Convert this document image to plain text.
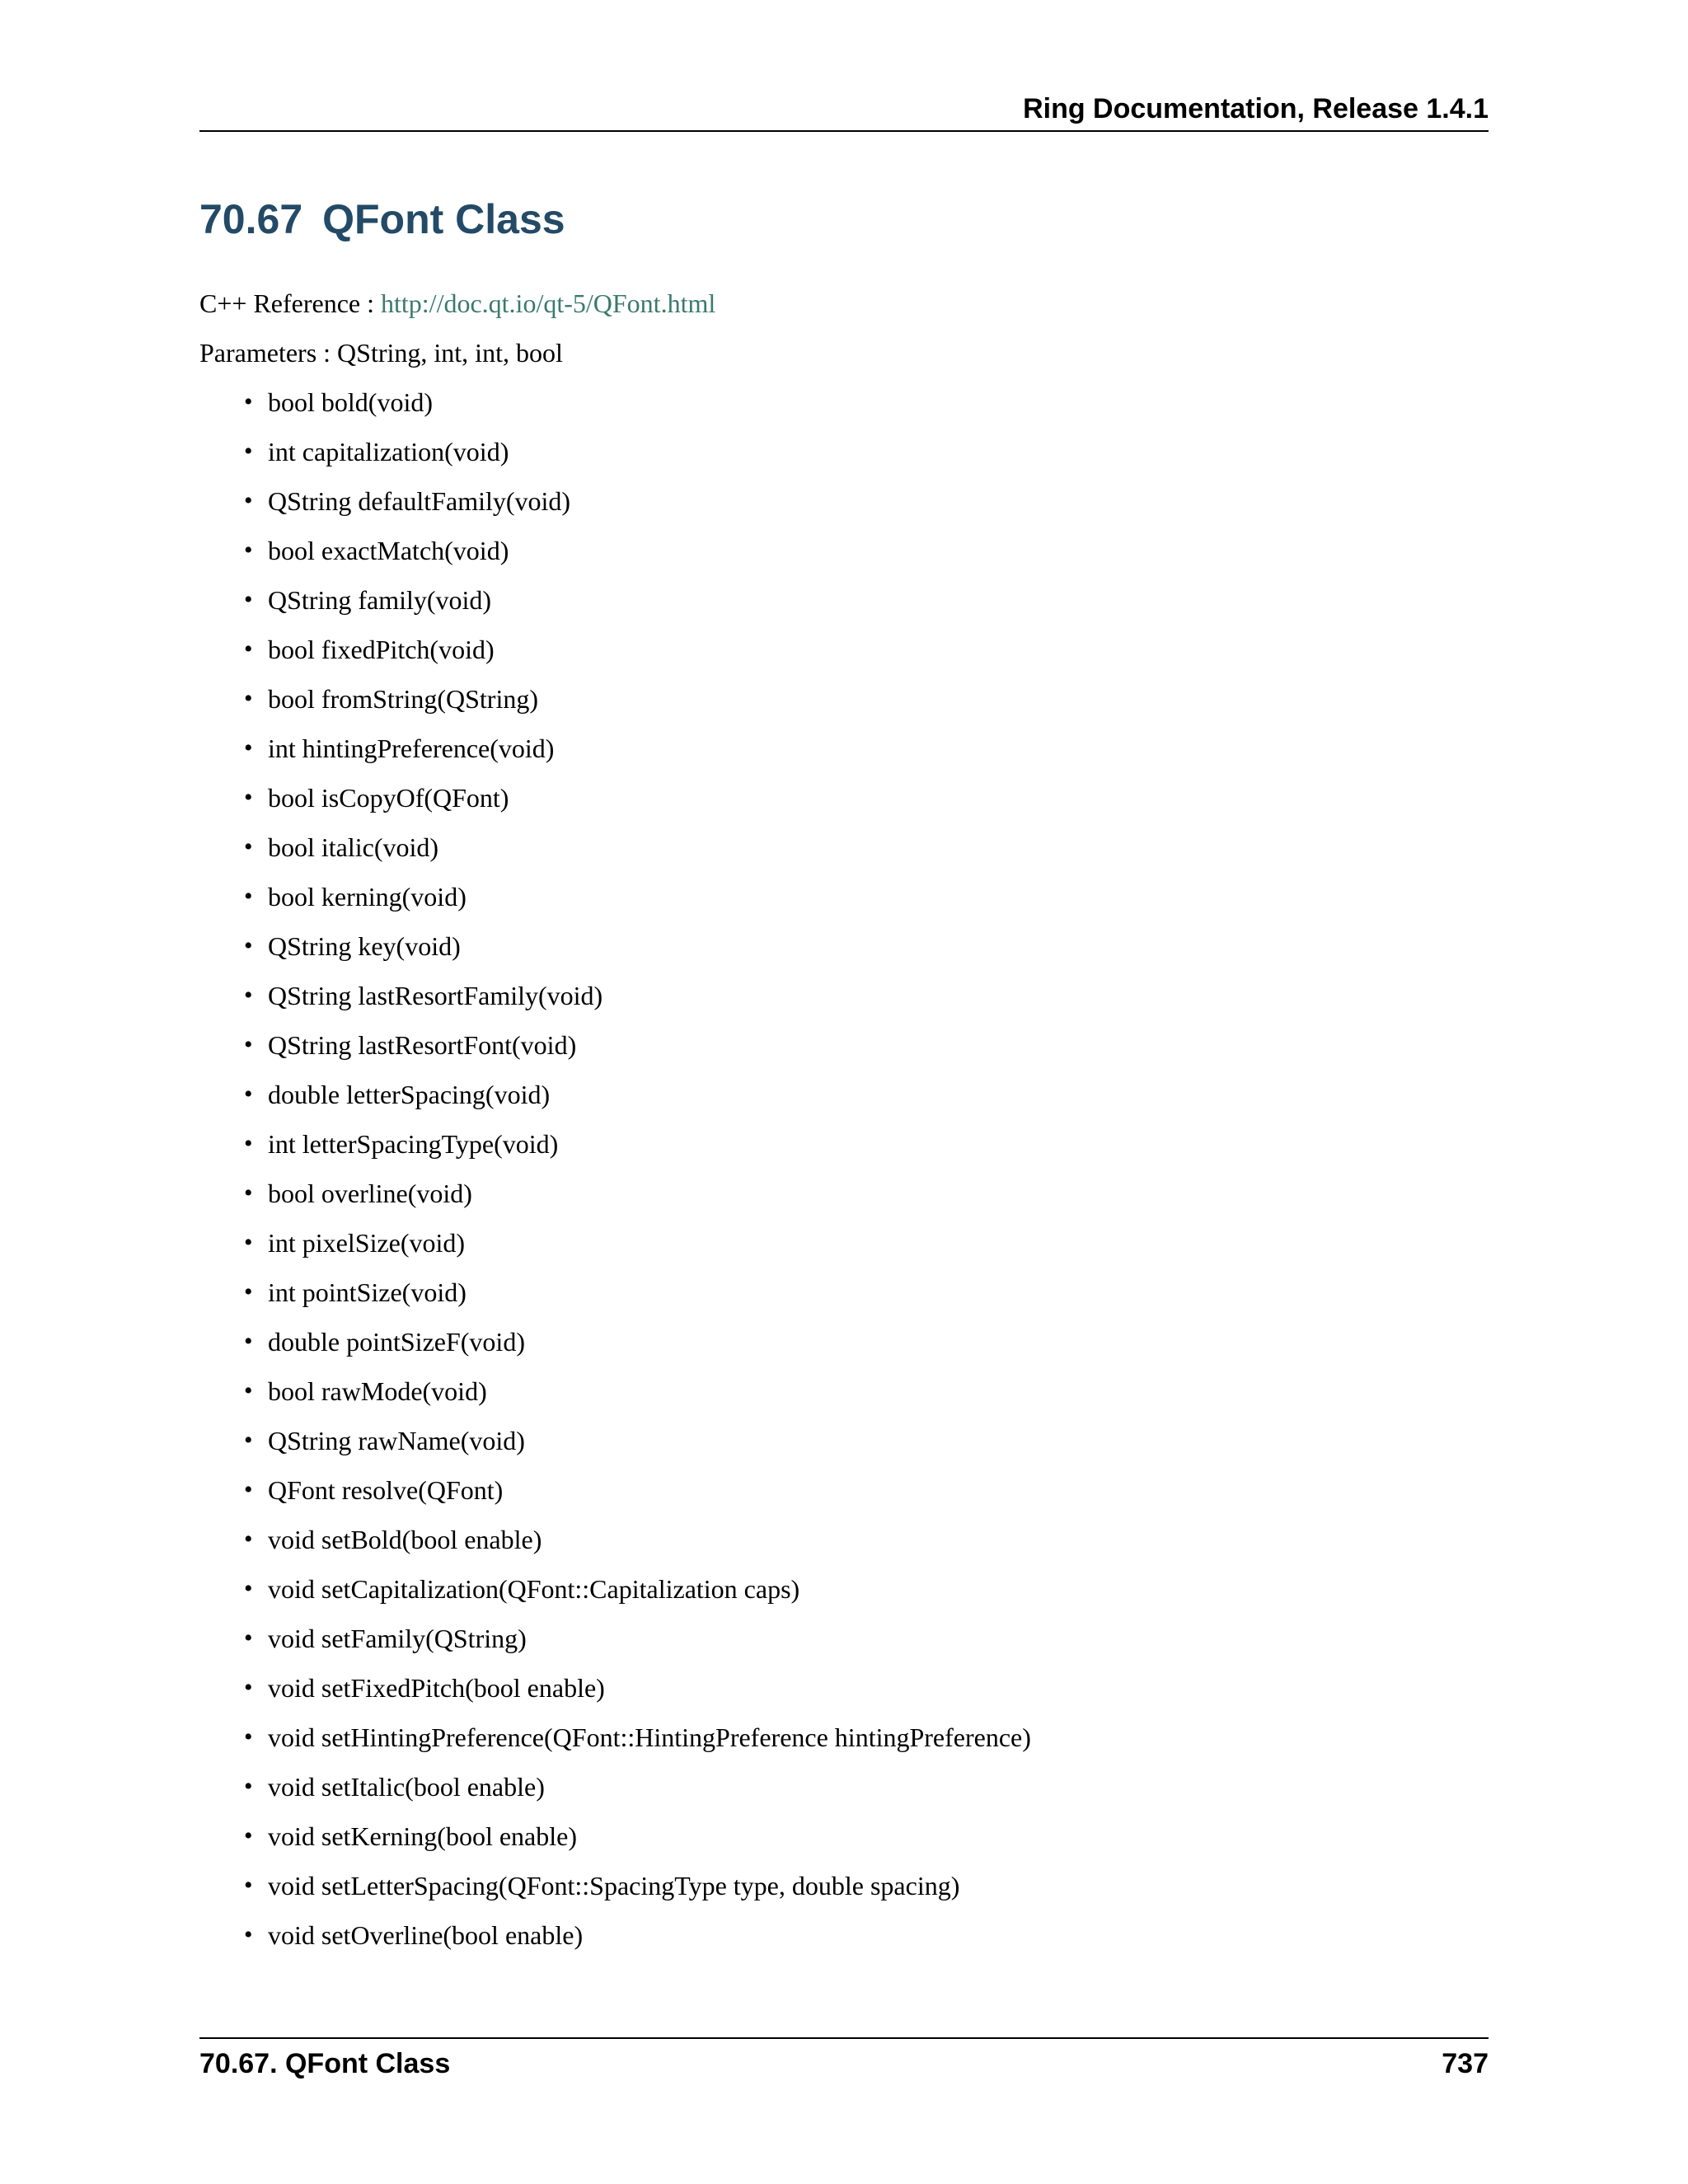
Ring Documentation, Release 1.4.1
70.67 QFont Class
C++ Reference : http://doc.qt.io/qt-5/QFont.html
Parameters : QString, int, int, bool
• bool bold(void)
• int capitalization(void)
• QString defaultFamily(void)
• bool exactMatch(void)
• QString family(void)
• bool fixedPitch(void)
• bool fromString(QString)
• int hintingPreference(void)
• bool isCopyOf(QFont)
• bool italic(void)
• bool kerning(void)
• QString key(void)
• QString lastResortFamily(void)
• QString lastResortFont(void)
• double letterSpacing(void)
• int letterSpacingType(void)
• bool overline(void)
• int pixelSize(void)
• int pointSize(void)
• double pointSizeF(void)
• bool rawMode(void)
• QString rawName(void)
• QFont resolve(QFont)
• void setBold(bool enable)
• void setCapitalization(QFont::Capitalization caps)
• void setFamily(QString)
• void setFixedPitch(bool enable)
• void setHintingPreference(QFont::HintingPreference hintingPreference)
• void setItalic(bool enable)
• void setKerning(bool enable)
• void setLetterSpacing(QFont::SpacingType type, double spacing)
• void setOverline(bool enable)
70.67. QFont Class	737
